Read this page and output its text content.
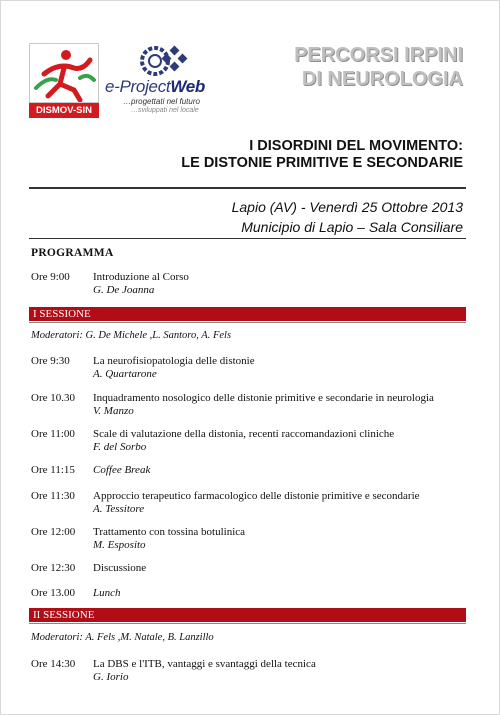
DISMOV-SIN
e-ProjectWeb
…progettati nel futuro
…sviluppati nel locale
PERCORSI IRPINI
DI NEUROLOGIA
I DISORDINI DEL MOVIMENTO:
LE DISTONIE PRIMITIVE E SECONDARIE
Lapio (AV) - Venerdì 25 Ottobre 2013
Municipio di Lapio – Sala Consiliare
PROGRAMMA
Ore 9:00	Introduzione al Corso
G. De Joanna
I SESSIONE
Moderatori: G. De Michele ,L. Santoro, A. Fels
Ore 9:30	La neurofisiopatologia delle distonie
A. Quartarone
Ore 10.30	Inquadramento nosologico delle distonie primitive e secondarie in neurologia
V. Manzo
Ore 11:00	Scale di valutazione della distonia, recenti raccomandazioni cliniche
F. del Sorbo
Ore 11:15	Coffee Break
Ore 11:30	Approccio terapeutico farmacologico delle distonie primitive e secondarie
A. Tessitore
Ore 12:00	Trattamento con tossina botulinica
M. Esposito
Ore 12:30	Discussione
Ore 13.00	Lunch
II SESSIONE
Moderatori: A. Fels ,M. Natale, B. Lanzillo
Ore 14:30	La DBS e l'ITB, vantaggi e svantaggi della tecnica
G. Iorio
